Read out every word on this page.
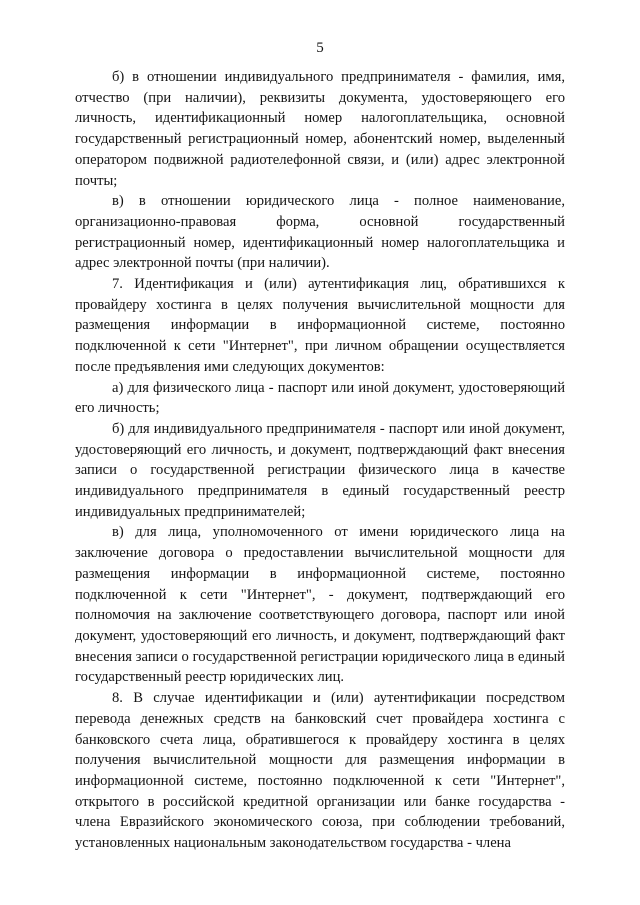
5

б) в отношении индивидуального предпринимателя - фамилия, имя, отчество (при наличии), реквизиты документа, удостоверяющего его личность, идентификационный номер налогоплательщика, основной государственный регистрационный номер, абонентский номер, выделенный оператором подвижной радиотелефонной связи, и (или) адрес электронной почты;

в) в отношении юридического лица - полное наименование, организационно-правовая форма, основной государственный регистрационный номер, идентификационный номер налогоплательщика и адрес электронной почты (при наличии).

7. Идентификация и (или) аутентификация лиц, обратившихся к провайдеру хостинга в целях получения вычислительной мощности для размещения информации в информационной системе, постоянно подключенной к сети "Интернет", при личном обращении осуществляется после предъявления ими следующих документов:

а) для физического лица - паспорт или иной документ, удостоверяющий его личность;

б) для индивидуального предпринимателя - паспорт или иной документ, удостоверяющий его личность, и документ, подтверждающий факт внесения записи о государственной регистрации физического лица в качестве индивидуального предпринимателя в единый государственный реестр индивидуальных предпринимателей;

в) для лица, уполномоченного от имени юридического лица на заключение договора о предоставлении вычислительной мощности для размещения информации в информационной системе, постоянно подключенной к сети "Интернет", - документ, подтверждающий его полномочия на заключение соответствующего договора, паспорт или иной документ, удостоверяющий его личность, и документ, подтверждающий факт внесения записи о государственной регистрации юридического лица в единый государственный реестр юридических лиц.

8. В случае идентификации и (или) аутентификации посредством перевода денежных средств на банковский счет провайдера хостинга с банковского счета лица, обратившегося к провайдеру хостинга в целях получения вычислительной мощности для размещения информации в информационной системе, постоянно подключенной к сети "Интернет", открытого в российской кредитной организации или банке государства - члена Евразийского экономического союза, при соблюдении требований, установленных национальным законодательством государства - члена
